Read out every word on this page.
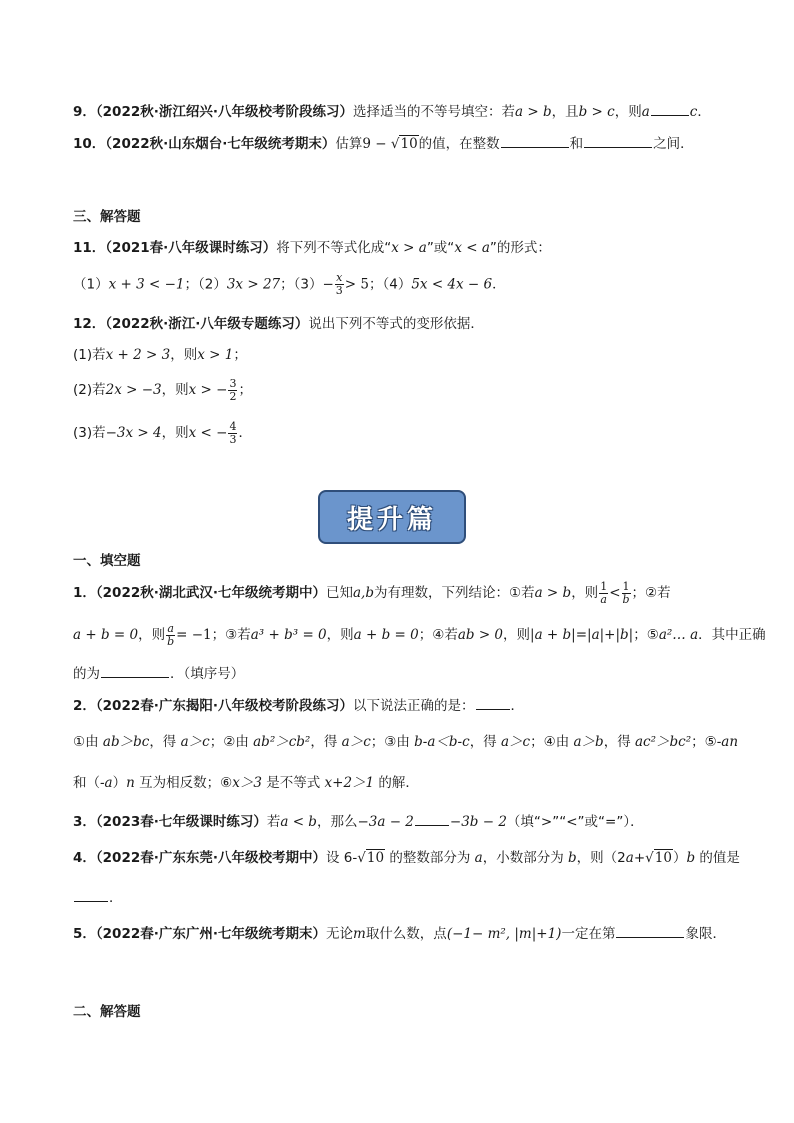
9．（2022秋·浙江绍兴·八年级校考阶段练习）选择适当的不等号填空：若a > b，且b > c，则a	c．
10．（2022秋·山东烟台·七年级统考期末）估算9 − √10的值，在整数	和	之间．
三、解答题
11．（2021春·八年级课时练习）将下列不等式化成“x > a”或“x < a”的形式：
（1）x + 3 < −1；（2）3x > 27；$(3)- \frac{x}{3} > 5$；（4）5x < 4x − 6．
12．（2022秋·浙江·八年级专题练习）说出下列不等式的变形依据．
(1)若x + 2 > 3，则x > 1；
(2)若2x > −3，则x > − $\frac{3}{2}$ ；
(3)若−3x > 4，则x < − $\frac{4}{3}$ ．
提升篇
一、填空题
1．（2022秋·湖北武汉·七年级统考期中）已知a,b为有理数，下列结论：①若a > b，则 $\frac{1}{a} < \frac{1}{b}$ ；②若
a + b = 0，则 $\frac{a}{b} = -1$；③若a³ + b³ = 0，则a + b = 0；④若ab > 0，则|a + b|=|a|+|b|；⑤a²… a．其中正确
的为	．（填序号）
2．（2022春·广东揭阳·八年级校考阶段练习）以下说法正确的是：	．
①由 ab＞bc，得 a＞c；②由 ab²＞cb²，得 a＞c；③由 b-a＜b-c，得 a＞c；④由 a＞b，得 ac²＞bc²；⑤-an
和（-a）n 互为相反数；⑥x＞3 是不等式 x+2＞1 的解．
3．（2023春·七年级课时练习）若a < b，那么−3a − 2	−3b − 2（填“>”“<”或“=”）．
4．（2022春·广东东莞·八年级校考期中）设 6-√10 的整数部分为 a，小数部分为 b，则（2a+√10）b 的值是
．
5．（2022春·广东广州·七年级统考期末）无论m取什么数，点(−1− m², |m|+1)一定在第	象限．
二、解答题
